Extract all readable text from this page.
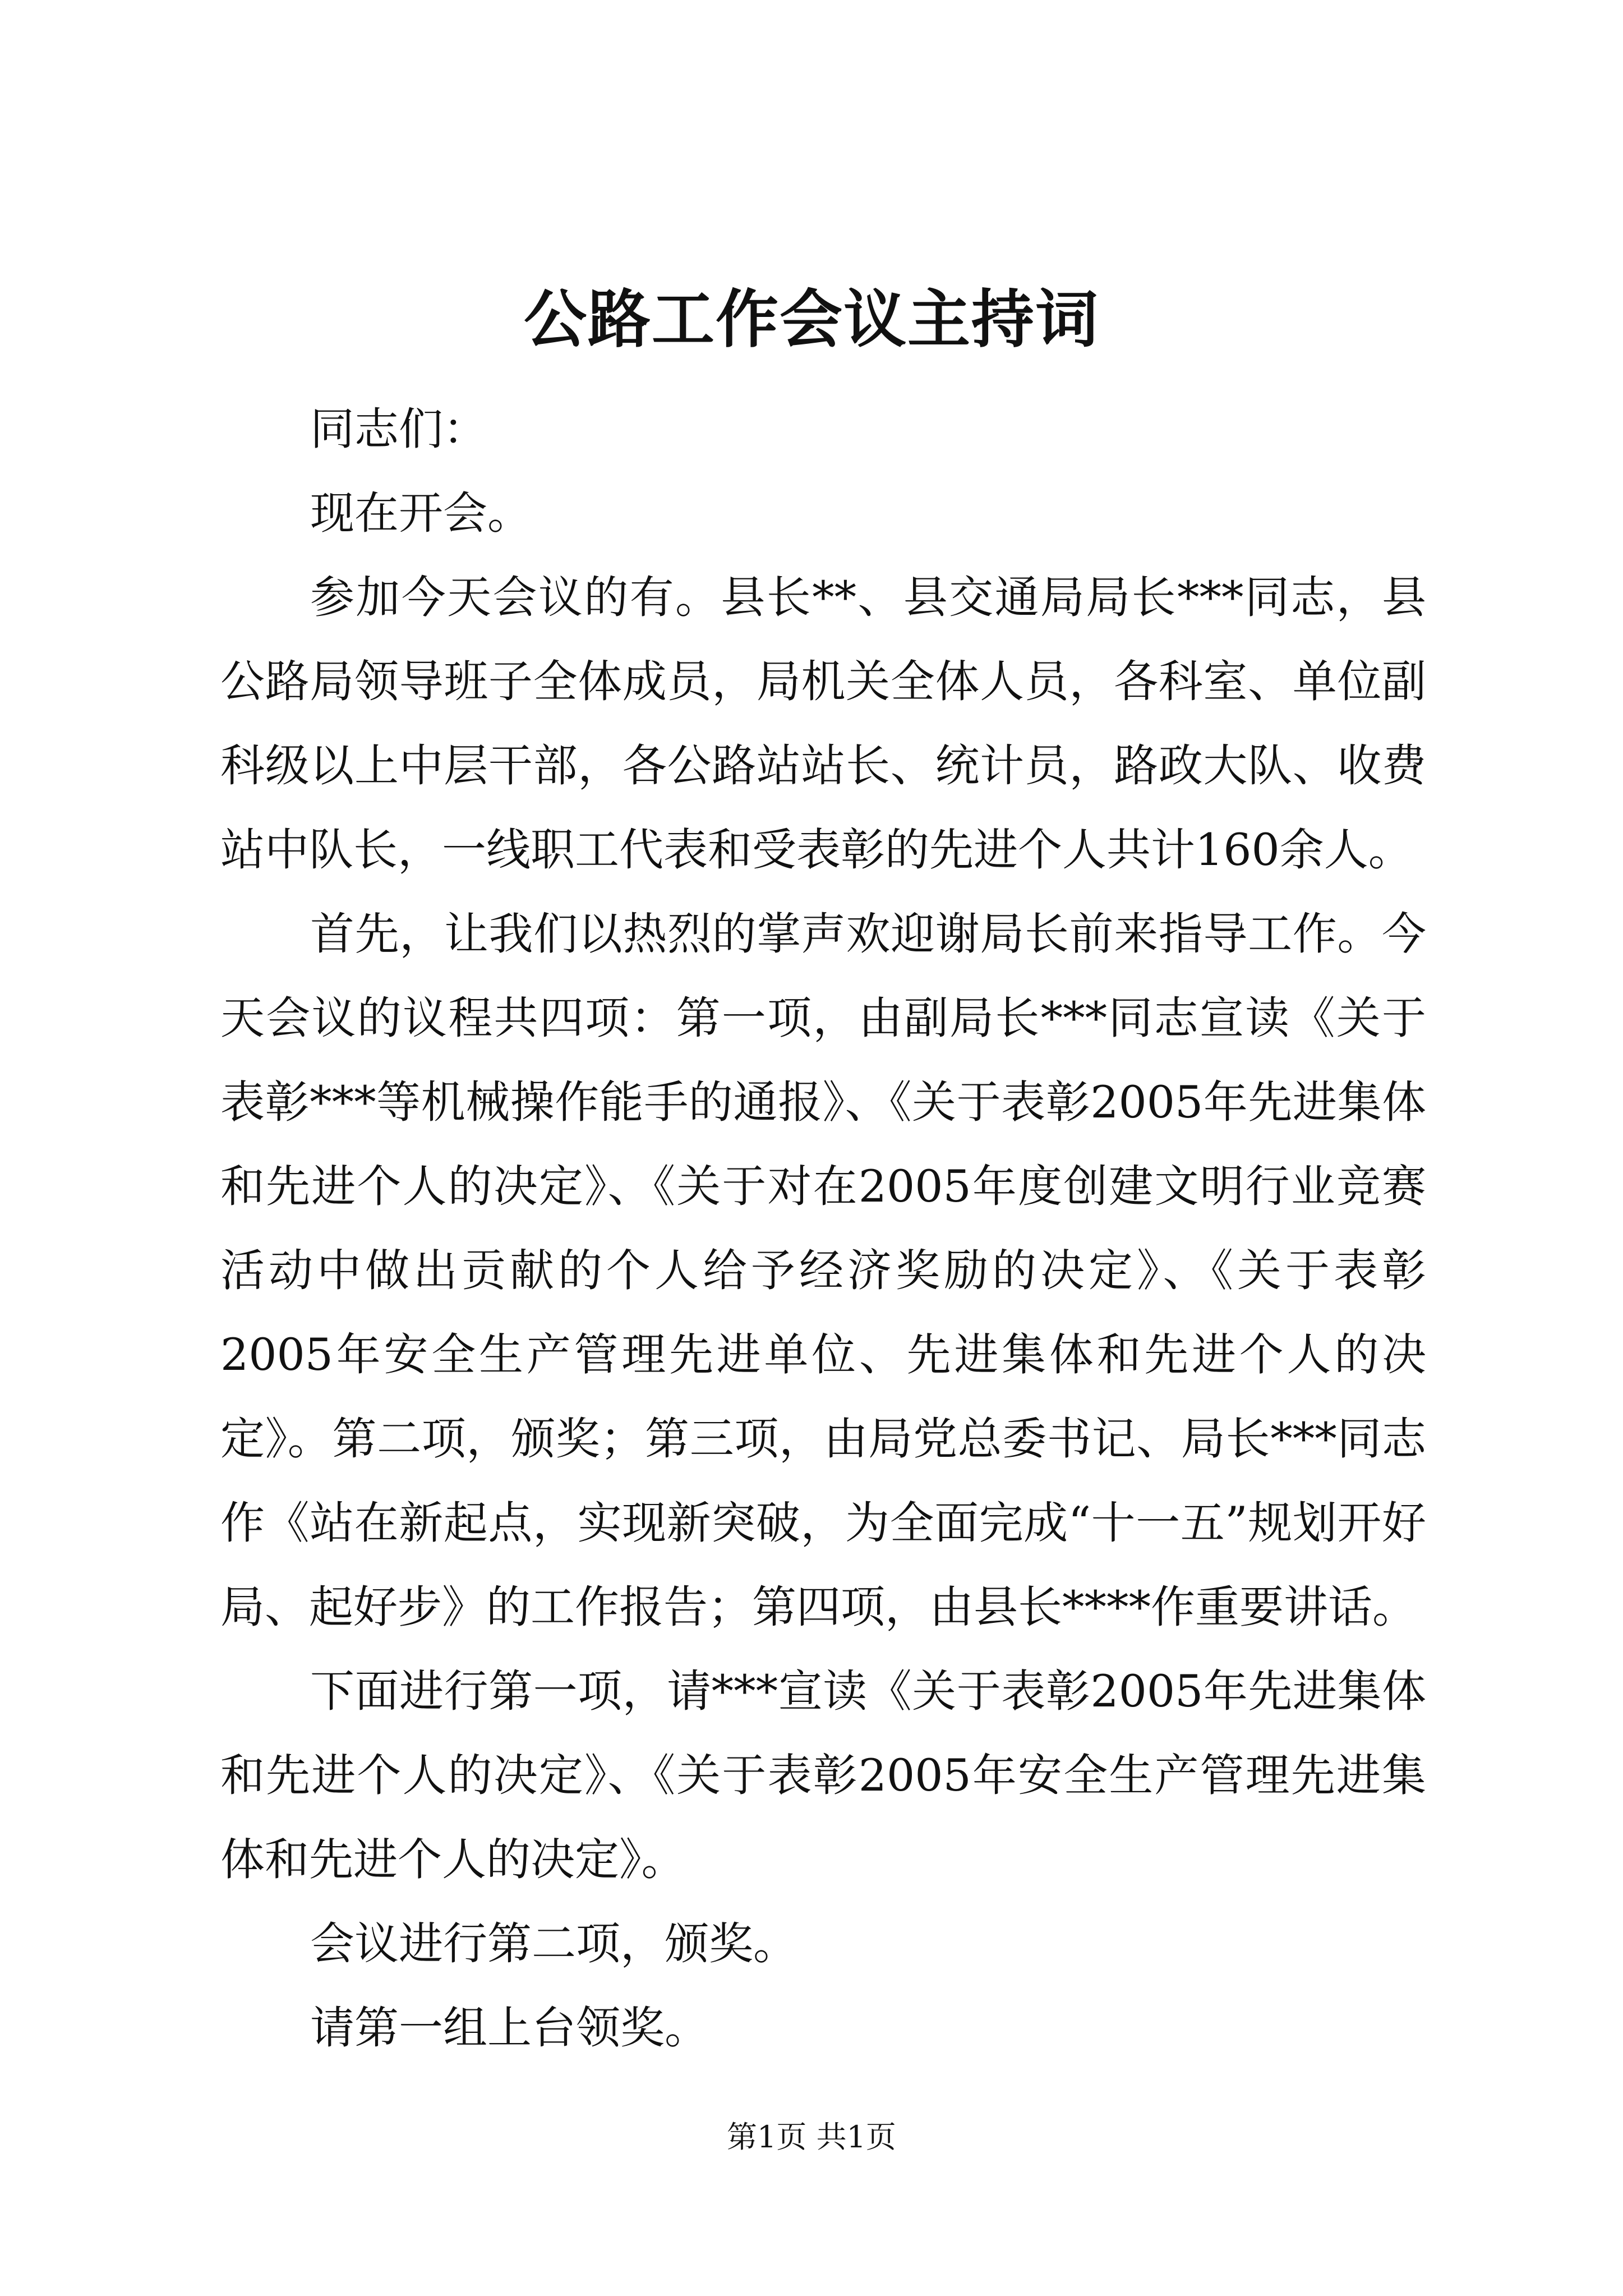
公路工作会议主持词

同志们：

现在开会。

参加今天会议的有。县长**、县交通局局长***同志，县公路局领导班子全体成员，局机关全体人员，各科室、单位副科级以上中层干部，各公路站站长、统计员，路政大队、收费站中队长，一线职工代表和受表彰的先进个人共计160余人。

首先，让我们以热烈的掌声欢迎谢局长前来指导工作。今天会议的议程共四项：第一项，由副局长***同志宣读《关于表彰***等机械操作能手的通报》、《关于表彰2005年先进集体和先进个人的决定》、《关于对在2005年度创建文明行业竞赛活动中做出贡献的个人给予经济奖励的决定》、《关于表彰2005年安全生产管理先进单位、先进集体和先进个人的决定》。第二项，颁奖；第三项，由局党总委书记、局长***同志作《站在新起点，实现新突破，为全面完成“十一五”规划开好局、起好步》的工作报告；第四项，由县长****作重要讲话。

下面进行第一项，请***宣读《关于表彰2005年先进集体和先进个人的决定》、《关于表彰2005年安全生产管理先进集体和先进个人的决定》。

会议进行第二项，颁奖。

请第一组上台领奖。

第1页 共1页
